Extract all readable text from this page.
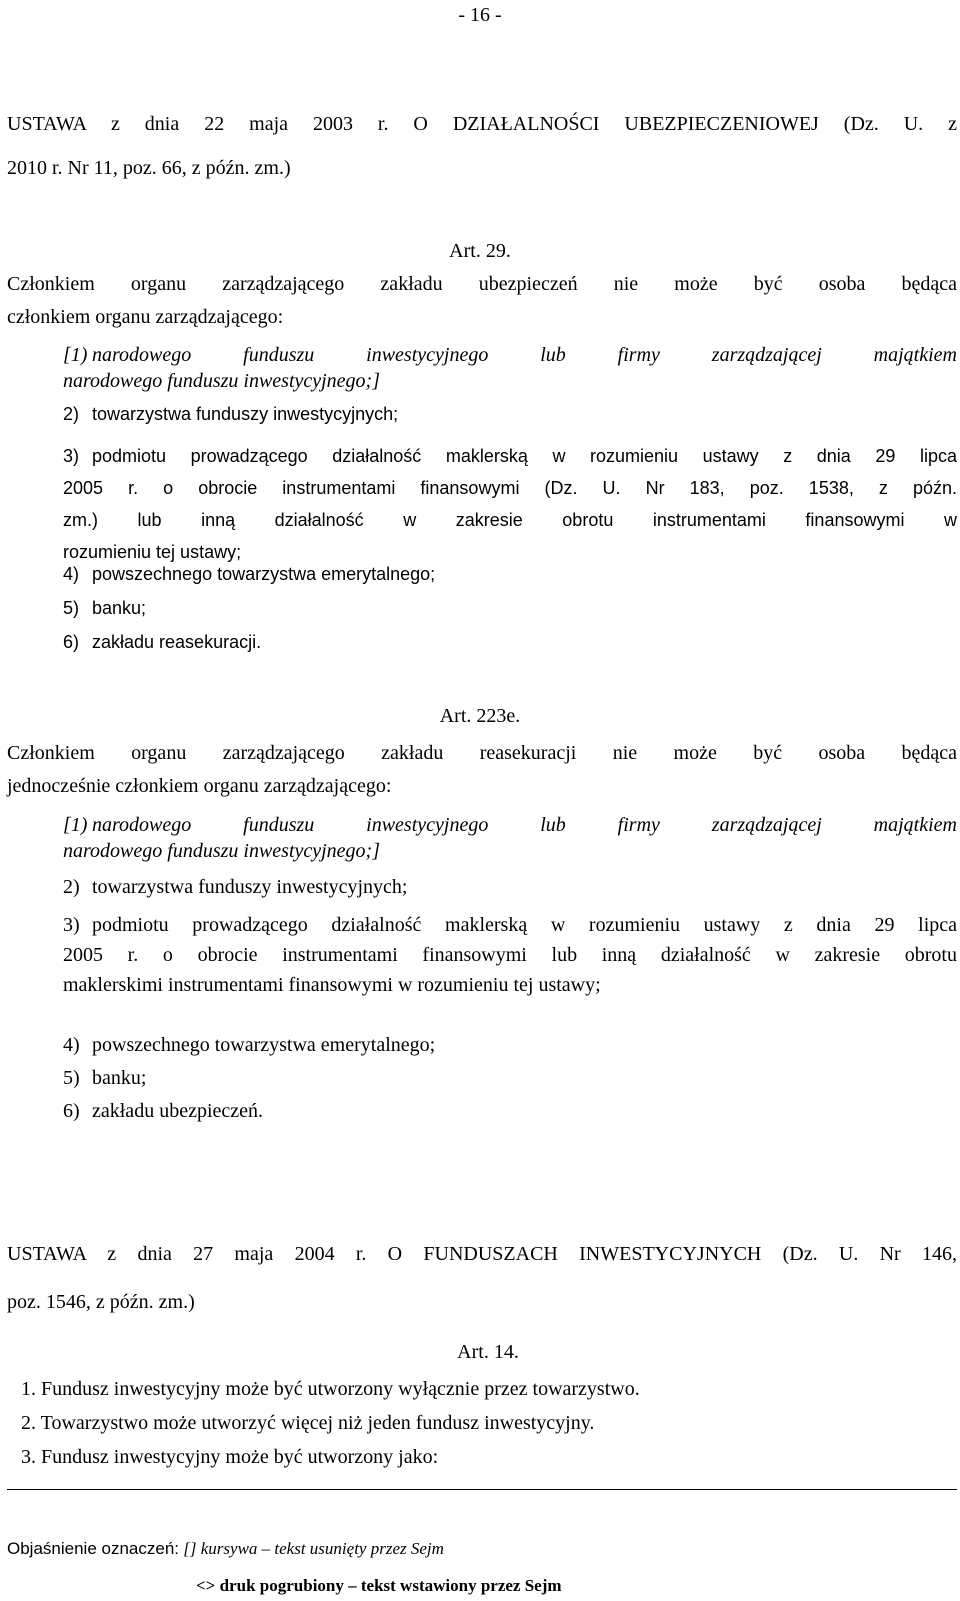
- 16 -
USTAWA z dnia 22 maja 2003 r. O DZIAŁALNOŚCI UBEZPIECZENIOWEJ (Dz. U. z
2010 r. Nr 11, poz. 66, z późn. zm.)
Art. 29.
Członkiem organu zarządzającego zakładu ubezpieczeń nie może być osoba będąca
członkiem organu zarządzającego:
[1) narodowego funduszu inwestycyjnego lub firmy zarządzającej majątkiem
narodowego funduszu inwestycyjnego;]
2) towarzystwa funduszy inwestycyjnych;
3) podmiotu prowadzącego działalność maklerską w rozumieniu ustawy z dnia 29 lipca
2005 r. o obrocie instrumentami finansowymi (Dz. U. Nr 183, poz. 1538, z późn.
zm.) lub inną działalność w zakresie obrotu instrumentami finansowymi w
rozumieniu tej ustawy;
4) powszechnego towarzystwa emerytalnego;
5) banku;
6) zakładu reasekuracji.
Art. 223e.
Członkiem organu zarządzającego zakładu reasekuracji nie może być osoba będąca
jednocześnie członkiem organu zarządzającego:
[1) narodowego funduszu inwestycyjnego lub firmy zarządzającej majątkiem
narodowego funduszu inwestycyjnego;]
2) towarzystwa funduszy inwestycyjnych;
3) podmiotu prowadzącego działalność maklerską w rozumieniu ustawy z dnia 29 lipca
2005 r. o obrocie instrumentami finansowymi lub inną działalność w zakresie obrotu
maklerskimi instrumentami finansowymi w rozumieniu tej ustawy;
4) powszechnego towarzystwa emerytalnego;
5) banku;
6) zakładu ubezpieczeń.
USTAWA z dnia 27 maja 2004 r. O FUNDUSZACH INWESTYCYJNYCH (Dz. U. Nr 146,
poz. 1546, z późn. zm.)
Art. 14.
1. Fundusz inwestycyjny może być utworzony wyłącznie przez towarzystwo.
2. Towarzystwo może utworzyć więcej niż jeden fundusz inwestycyjny.
3. Fundusz inwestycyjny może być utworzony jako:
Objaśnienie oznaczeń: [] kursywa – tekst usunięty przez Sejm
<> druk pogrubiony – tekst wstawiony przez Sejm
